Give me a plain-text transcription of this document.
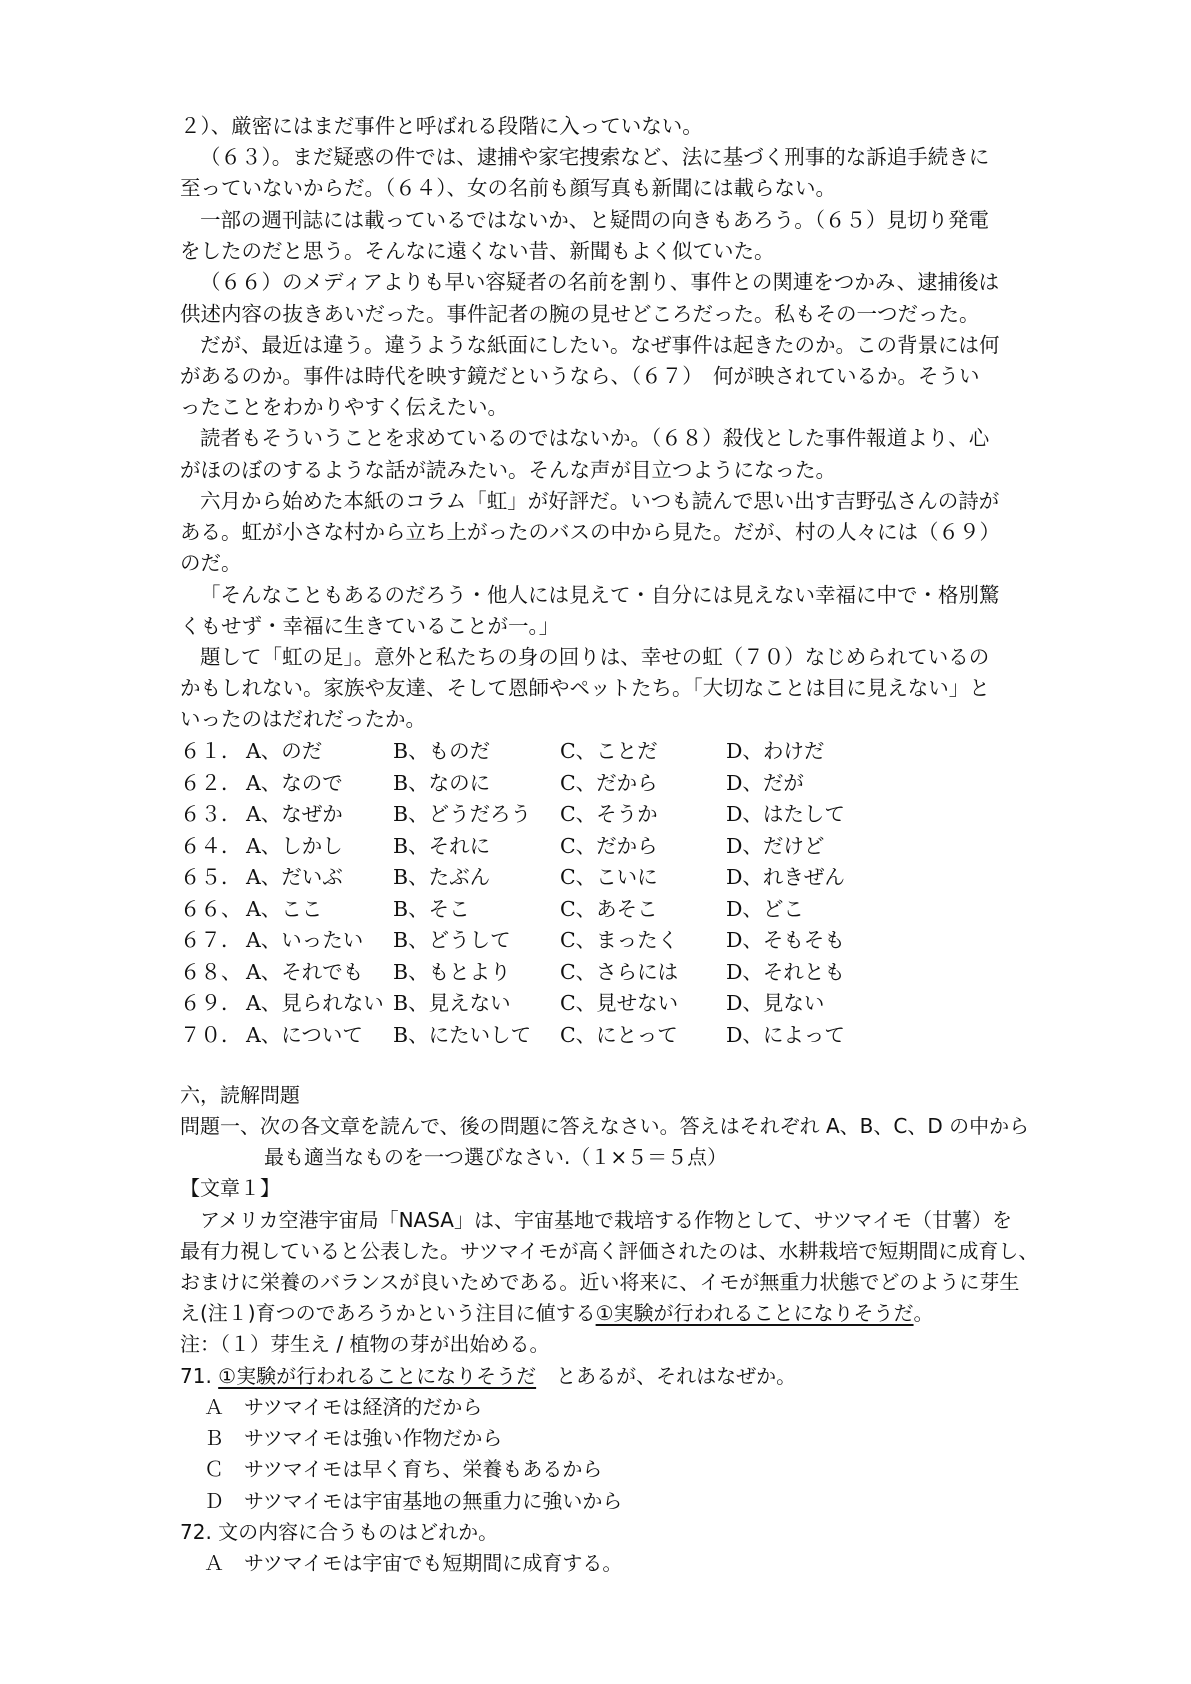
２）、厳密にはまだ事件と呼ばれる段階に入っていない。
（６３）。まだ疑惑の件では、逮捕や家宅捜索など、法に基づく刑事的な訴追手続きに
至っていないからだ。（６４）、女の名前も顔写真も新聞には載らない。
一部の週刊誌には載っているではないか、と疑問の向きもあろう。（６５）見切り発電
をしたのだと思う。そんなに遠くない昔、新聞もよく似ていた。
（６６）のメディアよりも早い容疑者の名前を割り、事件との関連をつかみ、逮捕後は
供述内容の抜きあいだった。事件記者の腕の見せどころだった。私もその一つだった。
だが、最近は違う。違うような紙面にしたい。なぜ事件は起きたのか。この背景には何
があるのか。事件は時代を映す鏡だというなら、（６７）　何が映されているか。そうい
ったことをわかりやすく伝えたい。
読者もそういうことを求めているのではないか。（６８）殺伐とした事件報道より、心
がほのぼのするような話が読みたい。そんな声が目立つようになった。
六月から始めた本紙のコラム「虹」が好評だ。いつも読んで思い出す吉野弘さんの詩が
ある。虹が小さな村から立ち上がったのバスの中から見た。だが、村の人々には（６９）
のだ。
「そんなこともあるのだろう・他人には見えて・自分には見えない幸福に中で・格別驚
くもせず・幸福に生きていることが一。」
題して「虹の足」。意外と私たちの身の回りは、幸せの虹（７０）なじめられているの
かもしれない。家族や友達、そして恩師やペットたち。「大切なことは目に見えない」と
いったのはだれだったか。
６１． A、のだ	B、ものだ	C、ことだ	D、わけだ
６２． A、なので B、なのに	C、だから	D、だが
６３． A、なぜか B、どうだろう C、そうか	D、はたして
６４． A、しかし B、それに	C、だから	D、だけど
６５． A、だいぶ B、たぶん	C、こいに	D、れきぜん
６６、 A、ここ	B、そこ	C、あそこ	D、どこ
６７． A、いったい B、どうして C、まったく D、そもそも
６８、 A、それでも B、もとより C、さらには D、それとも
６９． A、見られない B、見えない C、見せない D、見ない
７０． A、について B、にたいして C、にとって D、によって
六，読解問題
問題一、次の各文章を読んで、後の問題に答えなさい。答えはそれぞれ A、B、C、D の中から
最も適当なものを一つ選びなさい.（１×５＝５点）
【文章１】
アメリカ空港宇宙局「NASA」は、宇宙基地で栽培する作物として、サツマイモ（甘薯）を
最有力視していると公表した。サツマイモが高く評価されたのは、水耕栽培で短期間に成育し、
おまけに栄養のバランスが良いためである。近い将来に、イモが無重力状態でどのように芽生
え(注１)育つのであろうかという注目に値する①実験が行われることになりそうだ。
注：（１）芽生え / 植物の芽が出始める。
71. ①実験が行われることになりそうだ　とあるが、それはなぜか。
Ａ　サツマイモは経済的だから
Ｂ　サツマイモは強い作物だから
Ｃ　サツマイモは早く育ち、栄養もあるから
Ｄ　サツマイモは宇宙基地の無重力に強いから
72. 文の内容に合うものはどれか。
Ａ　サツマイモは宇宙でも短期間に成育する。
